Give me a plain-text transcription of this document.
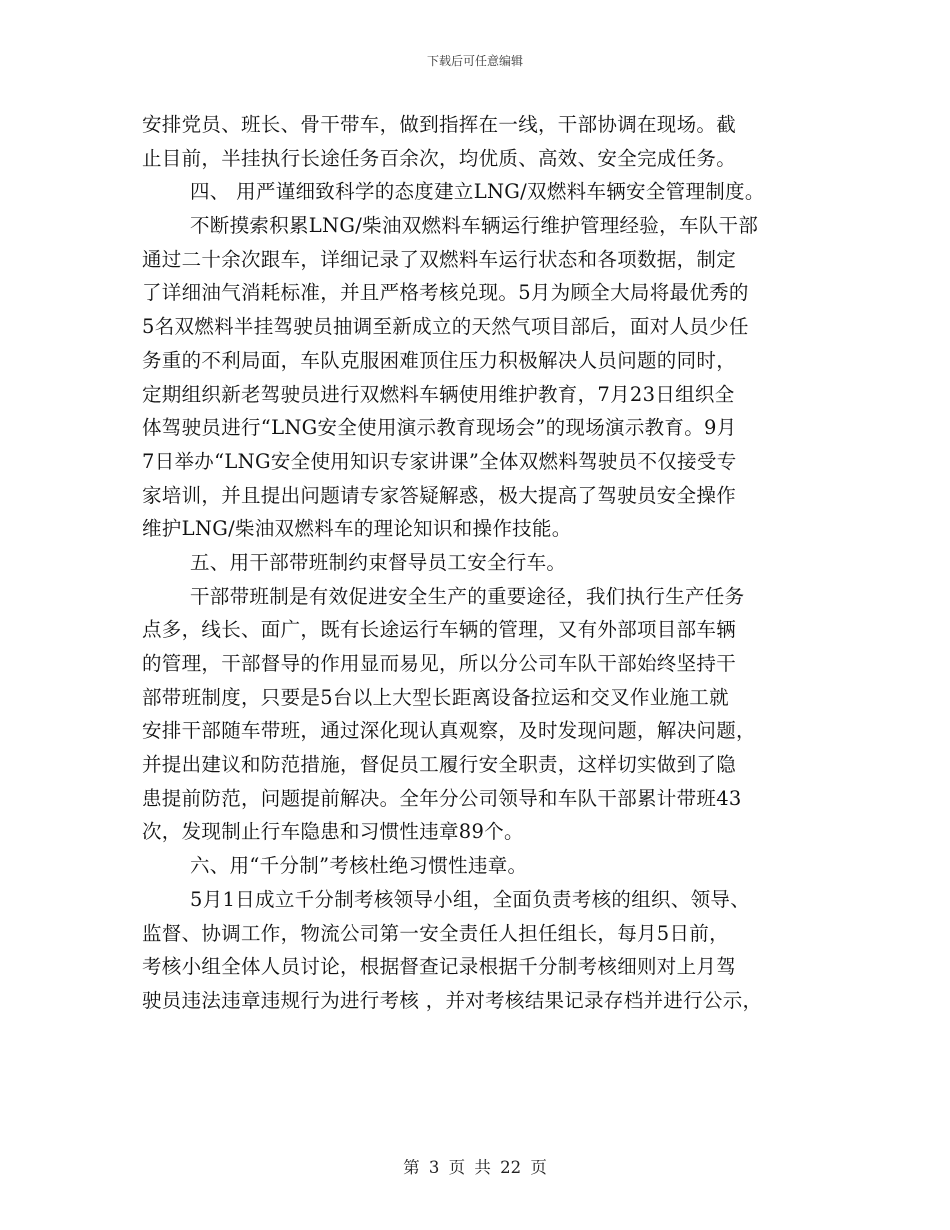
下载后可任意编辑
安排党员、班长、骨干带车，做到指挥在一线，干部协调在现场。截
止目前，半挂执行长途任务百余次，均优质、高效、安全完成任务。
四、 用严谨细致科学的态度建立LNG/双燃料车辆安全管理制度。
不断摸索积累LNG/柴油双燃料车辆运行维护管理经验，车队干部
通过二十余次跟车，详细记录了双燃料车运行状态和各项数据，制定
了详细油气消耗标准，并且严格考核兑现。5月为顾全大局将最优秀的
5名双燃料半挂驾驶员抽调至新成立的天然气项目部后，面对人员少任
务重的不利局面，车队克服困难顶住压力积极解决人员问题的同时，
定期组织新老驾驶员进行双燃料车辆使用维护教育，7月23日组织全
体驾驶员进行“LNG安全使用演示教育现场会”的现场演示教育。9月
7日举办“LNG安全使用知识专家讲课”全体双燃料驾驶员不仅接受专
家培训，并且提出问题请专家答疑解惑，极大提高了驾驶员安全操作
维护LNG/柴油双燃料车的理论知识和操作技能。
五、用干部带班制约束督导员工安全行车。
干部带班制是有效促进安全生产的重要途径，我们执行生产任务
点多，线长、面广，既有长途运行车辆的管理，又有外部项目部车辆
的管理，干部督导的作用显而易见，所以分公司车队干部始终坚持干
部带班制度，只要是5台以上大型长距离设备拉运和交叉作业施工就
安排干部随车带班，通过深化现认真观察，及时发现问题，解决问题，
并提出建议和防范措施，督促员工履行安全职责，这样切实做到了隐
患提前防范，问题提前解决。全年分公司领导和车队干部累计带班43
次，发现制止行车隐患和习惯性违章89个。
六、用“千分制”考核杜绝习惯性违章。
5月1日成立千分制考核领导小组，全面负责考核的组织、领导、
监督、协调工作，物流公司第一安全责任人担任组长，每月5日前，
考核小组全体人员讨论，根据督查记录根据千分制考核细则对上月驾
驶员违法违章违规行为进行考核 ，并对考核结果记录存档并进行公示，
第 3 页 共 22 页
